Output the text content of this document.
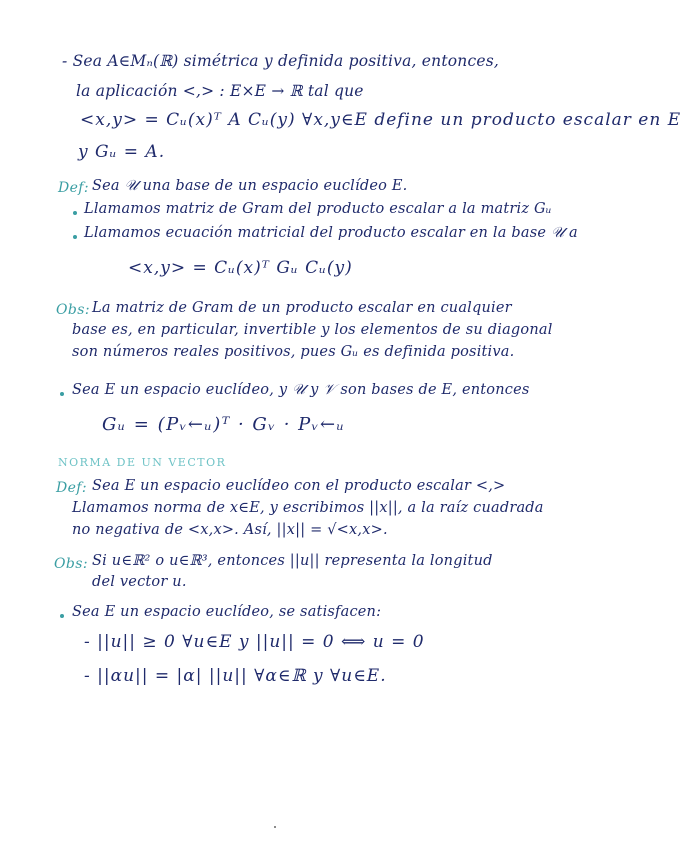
- Sea A∈Mₙ(ℝ) simétrica y definida positiva, entonces,
la aplicación <,> : E×E → ℝ tal que
<x,y> = Cᵤ(x)ᵀ A Cᵤ(y) ∀x,y∈E define un producto escalar en E
y Gᵤ = A.
Def: Sea 𝒰 una base de un espacio euclídeo E.
Llamamos matriz de Gram del producto escalar a la matriz Gᵤ
Llamamos ecuación matricial del producto escalar en la base 𝒰 a
<x,y> = Cᵤ(x)ᵀ Gᵤ Cᵤ(y)
Obs: La matriz de Gram de un producto escalar en cualquier
base es, en particular, invertible y los elementos de su diagonal
son números reales positivos, pues Gᵤ es definida positiva.
Sea E un espacio euclídeo, y 𝒰 y 𝒱 son bases de E, entonces
Gᵤ = (Pᵥ←ᵤ)ᵀ · Gᵥ · Pᵥ←ᵤ
NORMA DE UN VECTOR
Def: Sea E un espacio euclídeo con el producto escalar <,>
Llamamos norma de x∈E, y escribimos ||x||, a la raíz cuadrada
no negativa de <x,x>. Así, ||x|| = √<x,x>.
Obs: Si u∈ℝ² o u∈ℝ³, entonces ||u|| representa la longitud
del vector u.
Sea E un espacio euclídeo, se satisfacen:
- ||u|| ≥ 0 ∀u∈E y ||u|| = 0 ⟺ u = 0
- ||αu|| = |α| ||u|| ∀α∈ℝ y ∀u∈E.
